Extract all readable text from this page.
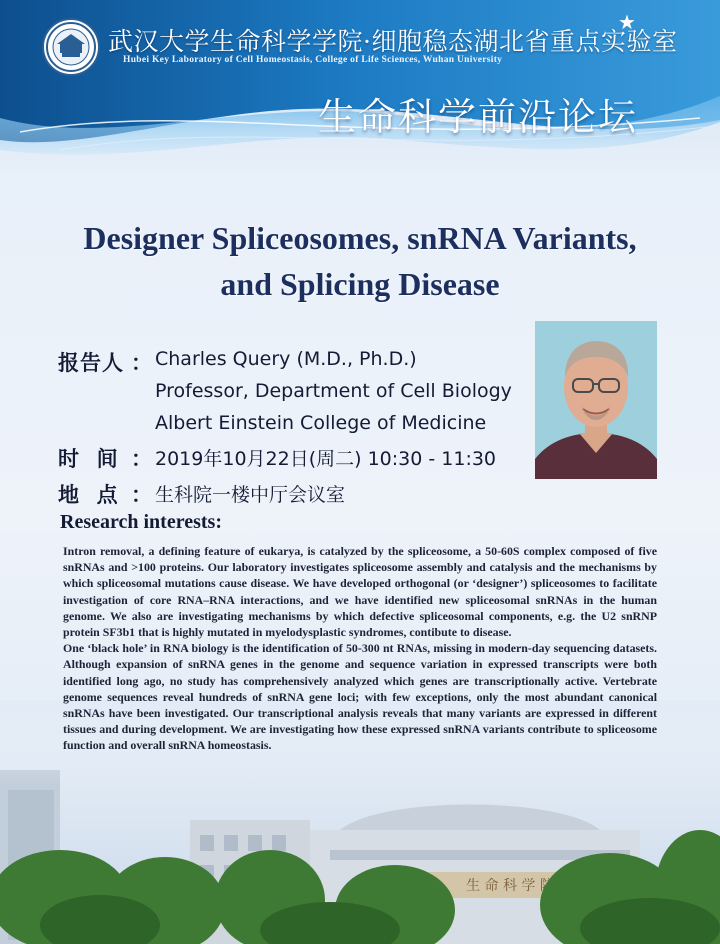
武汉大学生命科学学院·细胞稳态湖北省重点实验室
Hubei Key Laboratory of Cell Homeostasis, College of Life Sciences, Wuhan University
★
生命科学前沿论坛
Designer Spliceosomes, snRNA Variants,
and Splicing Disease
报告人 ： Charles Query (M.D., Ph.D.)
Professor, Department of Cell Biology
Albert Einstein College of Medicine
时  间 ： 2019年10月22日(周二) 10:30 - 11:30
地  点 ： 生科院一楼中厅会议室
Research interests:

Intron removal, a defining feature of eukarya, is catalyzed by the spliceosome, a 50-60S complex composed of five snRNAs and >100 proteins. Our laboratory investigates spliceosome assembly and catalysis and the mechanisms by which spliceosomal mutations cause disease. We have developed orthogonal (or ‘designer’) spliceosomes to facilitate investigation of core RNA–RNA interactions, and we have identified new spliceosomal snRNAs in the human genome. We also are investigating mechanisms by which defective spliceosomal components, e.g. the U2 snRNP protein SF3b1 that is highly mutated in myelodysplastic syndromes, contibute to disease.

One ‘black hole’ in RNA biology is the identification of 50-300 nt RNAs, missing in modern-day sequencing datasets. Although expansion of snRNA genes in the genome and sequence variation in expressed transcripts were both identified long ago, no study has comprehensively analyzed which genes are transcriptionally active. Vertebrate genome sequences reveal hundreds of snRNA gene loci; with few exceptions, only the most abundant canonical snRNAs have been investigated. Our transcriptional analysis reveals that many variants are expressed in different tissues and during development. We are investigating how these expressed snRNA variants contribute to spliceosome function and overall snRNA homeostasis.
